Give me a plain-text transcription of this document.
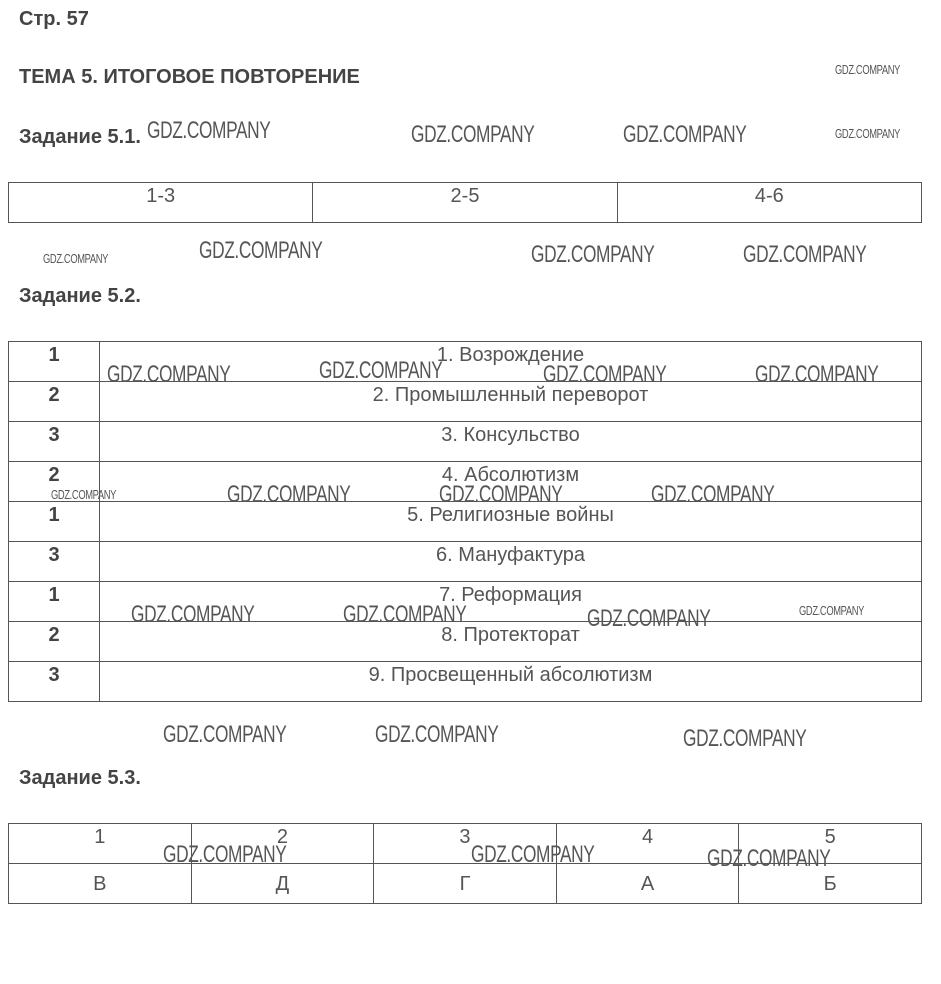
Стр. 57
ТЕМА 5. ИТОГОВОЕ ПОВТОРЕНИЕ
Задание 5.1.
1-3	2-5	4-6
Задание 5.2.
1	1. Возрождение
2	2. Промышленный переворот
3	3. Консульство
2	4. Абсолютизм
1	5. Религиозные войны
3	6. Мануфактура
1	7. Реформация
2	8. Протекторат
3	9. Просвещенный абсолютизм
Задание 5.3.
1	2	3	4	5
В	Д	Г	А	Б
GDZ.COMPANY
GDZ.COMPANY	GDZ.COMPANY	GDZ.COMPANY	GDZ.COMPANY
GDZ.COMPANY	GDZ.COMPANY	GDZ.COMPANY	GDZ.COMPANY
GDZ.COMPANY	GDZ.COMPANY	GDZ.COMPANY	GDZ.COMPANY
GDZ.COMPANY	GDZ.COMPANY	GDZ.COMPANY	GDZ.COMPANY
GDZ.COMPANY	GDZ.COMPANY	GDZ.COMPANY	GDZ.COMPANY
GDZ.COMPANY	GDZ.COMPANY	GDZ.COMPANY
GDZ.COMPANY	GDZ.COMPANY	GDZ.COMPANY
